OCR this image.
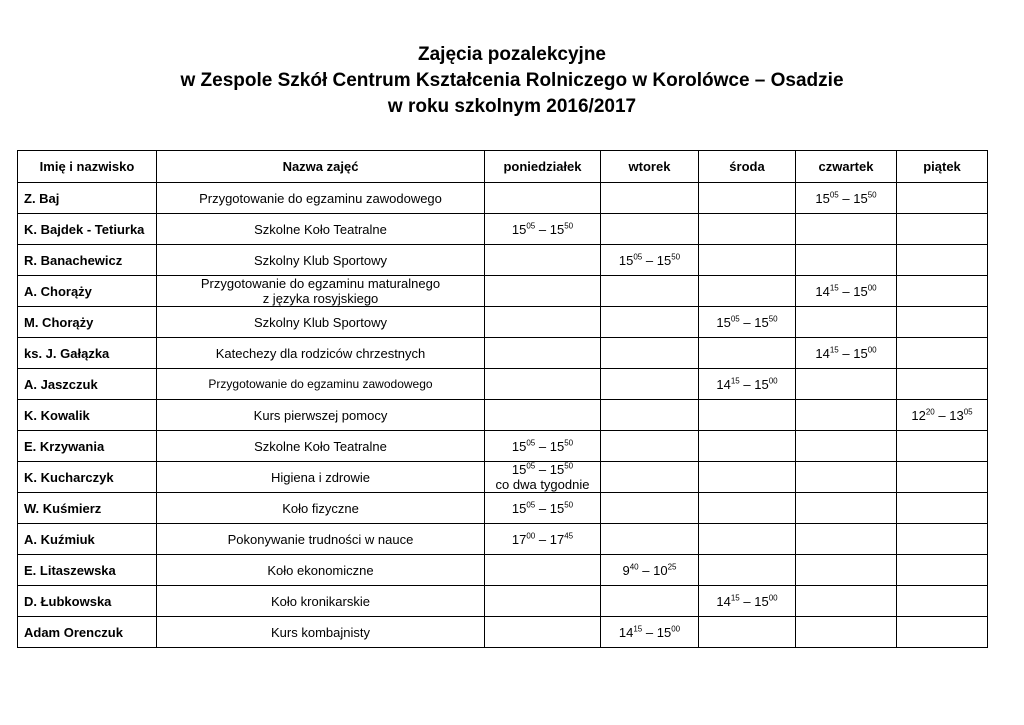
Zajęcia pozalekcyjne
w Zespole Szkół Centrum Kształcenia Rolniczego w Korolówce – Osadzie
w roku szkolnym 2016/2017
Imię i nazwisko	Nazwa zajęć	poniedziałek	wtorek	środa	czwartek	piątek
Z. Baj	Przygotowanie do egzaminu zawodowego				$15^{05} - 15^{50}$	
K. Bajdek - Tetiurka	Szkolne Koło Teatralne	$15^{05} - 15^{50}$				
R. Banachewicz	Szkolny Klub Sportowy		$15^{05} - 15^{50}$			
A. Chorąży	Przygotowanie do egzaminu maturalnego
z języka rosyjskiego				$14^{15} - 15^{00}$	
M. Chorąży	Szkolny Klub Sportowy			$15^{05} - 15^{50}$		
ks. J. Gałązka	Katechezy dla rodziców chrzestnych				$14^{15} - 15^{00}$	
A. Jaszczuk	Przygotowanie do egzaminu zawodowego			$14^{15} - 15^{00}$		
K. Kowalik	Kurs pierwszej pomocy					$12^{20} - 13^{05}$
E. Krzywania	Szkolne Koło Teatralne	$15^{05} - 15^{50}$				
K. Kucharczyk	Higiena i zdrowie	$15^{05} - 15^{50}$
co dwa tygodnie				

W. Kuśmierz	Koło fizyczne	$15^{05} - 15^{50}$				
A. Kuźmiuk	Pokonywanie trudności w nauce	$17^{00} - 17^{45}$				
E. Litaszewska	Koło ekonomiczne		$9^{40} - 10^{25}$			
D. Łubkowska	Koło kronikarskie			$14^{15} - 15^{00}$		
Adam Orenczuk	Kurs kombajnisty		$14^{15} - 15^{00}$			
